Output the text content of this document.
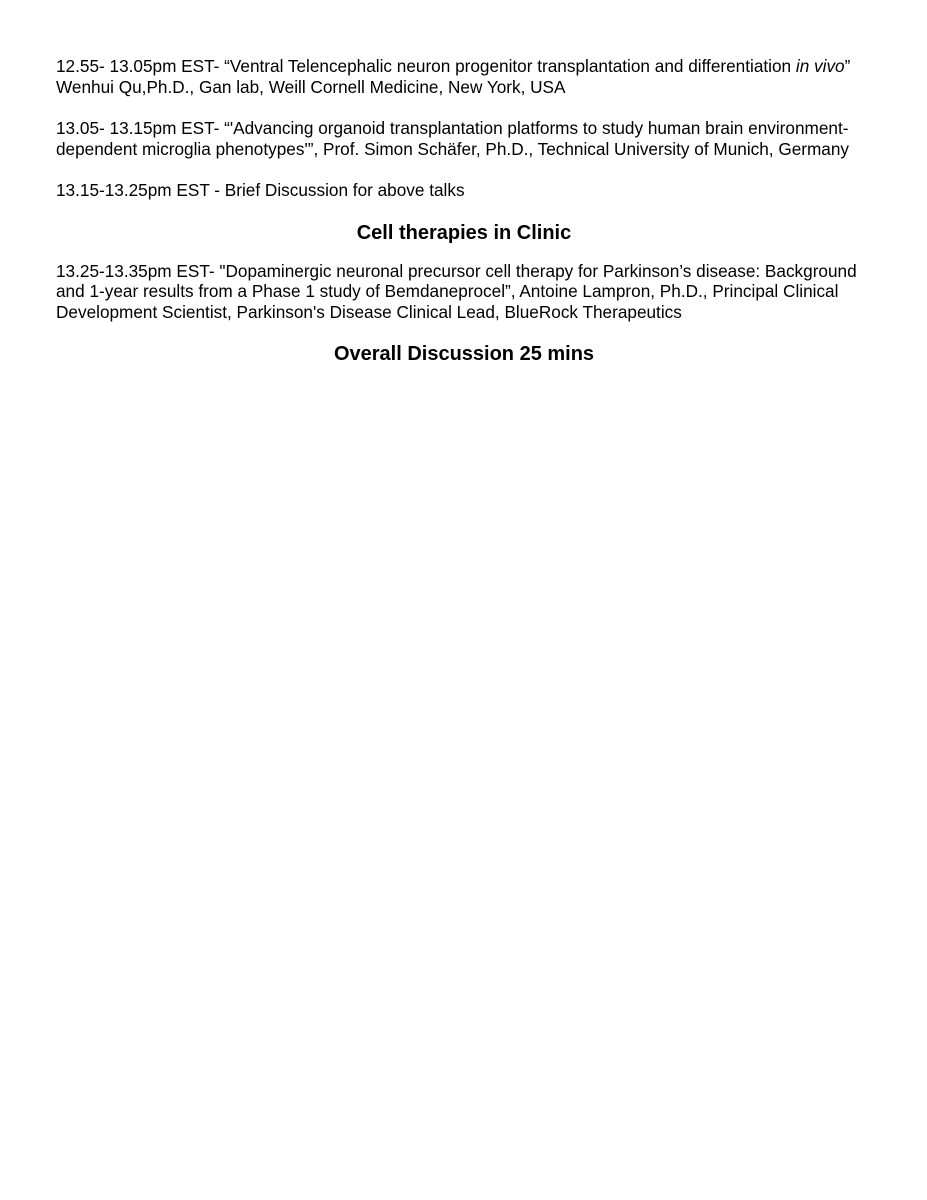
12.55- 13.05pm EST- “Ventral Telencephalic neuron progenitor transplantation and differentiation in vivo” Wenhui Qu,Ph.D., Gan lab, Weill Cornell Medicine, New York, USA

13.05- 13.15pm EST- “'Advancing organoid transplantation platforms to study human brain environment-dependent microglia phenotypes'”, Prof. Simon Schäfer, Ph.D., Technical University of Munich, Germany

13.15-13.25pm EST - Brief Discussion for above talks

Cell therapies in Clinic

13.25-13.35pm EST- "Dopaminergic neuronal precursor cell therapy for Parkinson’s disease: Background and 1-year results from a Phase 1 study of Bemdaneprocel”, Antoine Lampron, Ph.D., Principal Clinical Development Scientist, Parkinson's Disease Clinical Lead, BlueRock Therapeutics

Overall Discussion 25 mins
